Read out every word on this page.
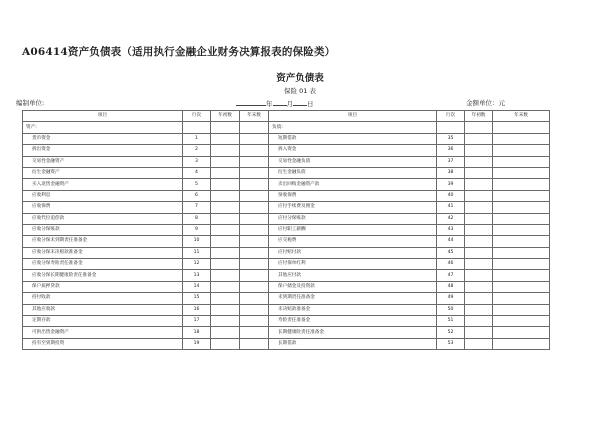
A06414资产负债表（适用执行金融企业财务决算报表的保险类）
资产负债表
保险 01 表
编制单位:	年 月 日	金额单位：元
项目	行次	年初数	年末数	项目	行次	年初数	年末数
资产:				负债:			
货币资金	1			短期借款	35		
拆出资金	2			拆入资金	36		
交易性金融资产	3			交易性金融负债	37		
衍生金融资产	4			衍生金融负债	38		
买入返售金融资产	5			卖出回购金融资产款	39		
应收利息	6			预收保费	40		
应收保费	7			应付手续费及佣金	41		
应收代位追偿款	8			应付分保账款	42		
应收分保账款	9			应付职工薪酬	43		
应收分保未到期责任准备金	10			应交税费	44		
应收分保未决赔款准备金	11			应付赔付款	45		
应收分保寿险责任准备金	12			应付保单红利	46		
应收分保长期健康险责任准备金	13			其他应付款	47		
保户质押贷款	14			保户储金及投资款	48		
持付收款	15			未到期责任准备金	49		
其他应收款	16			未决赔款准备金	50		
定期存款	17			寿险责任准备金	51		
可供出售金融资产	18			长期健康险责任准备金	52		
持有至到期投资	19			长期借款	53		
